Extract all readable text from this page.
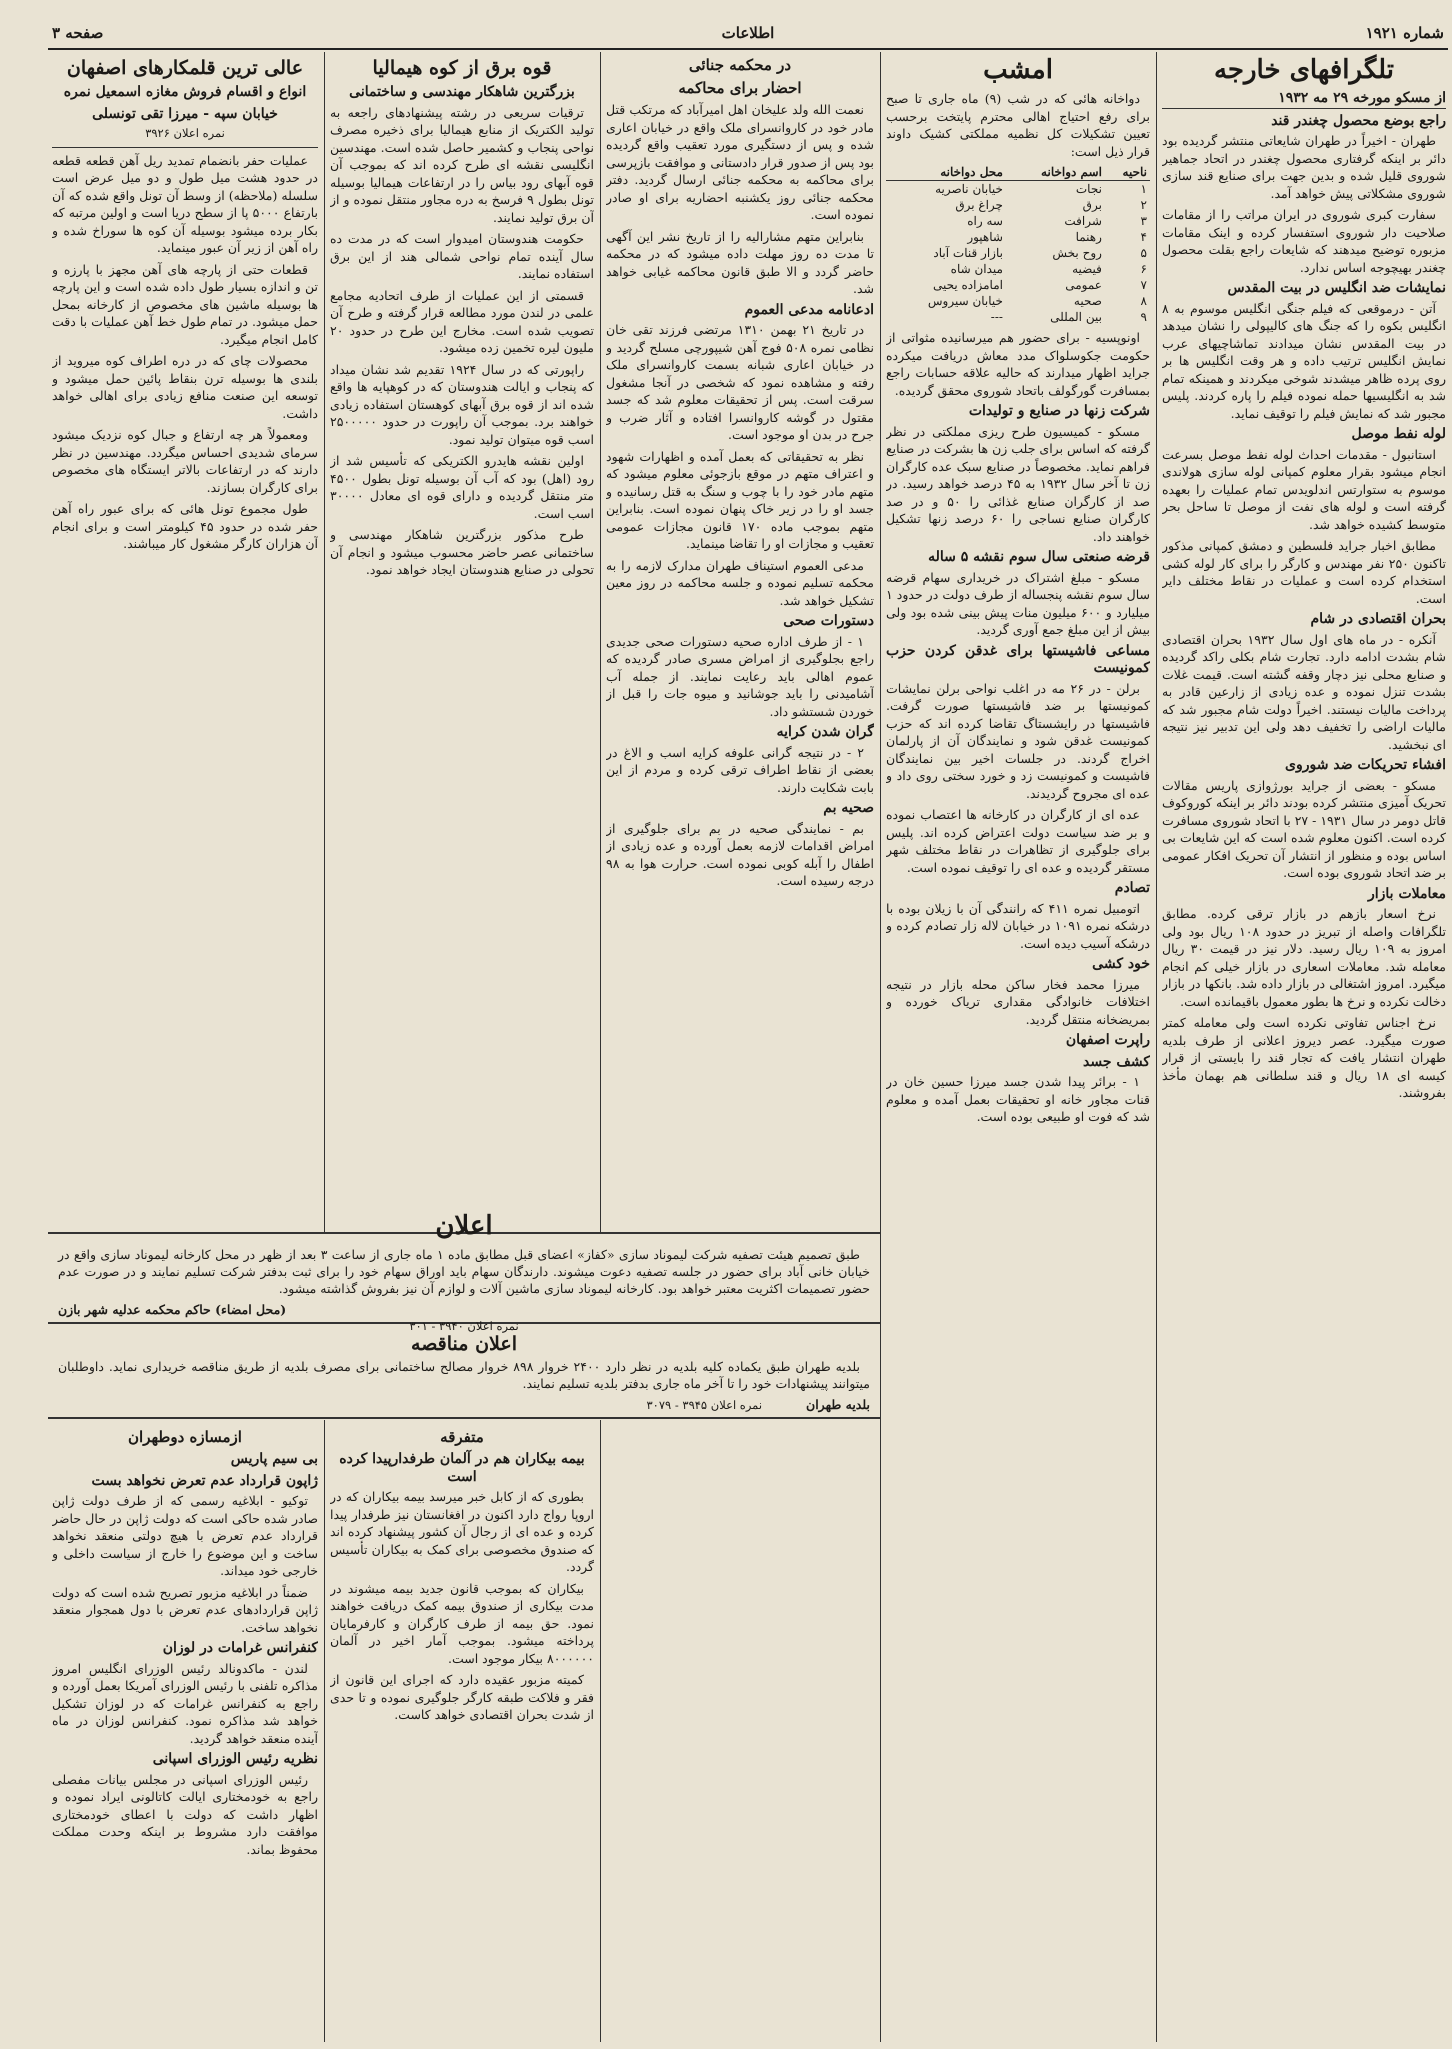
صفحه ۳	اطلاعات	شماره ۱۹۲۱
تلگرافهای خارجه
از مسکو مورخه ۲۹ مه ۱۹۳۲
راجع بوضع محصول چغندر قند

طهران - اخیراً در طهران شایعاتی منتشر گردیده بود دائر بر اینکه گرفتاری محصول چغندر در اتحاد جماهیر شوروی قلیل شده و بدین جهت برای صنایع قند سازی شوروی مشکلاتی پیش خواهد آمد.

سفارت کبری شوروی در ایران مراتب را از مقامات صلاحیت دار شوروی استفسار کرده و اینک مقامات مزبوره توضیح میدهند که شایعات راجع بقلت محصول چغندر بهیچوجه اساس ندارد.

نمایشات ضد انگلیس در بیت المقدس

آتن - درموقعی که فیلم جنگی انگلیس موسوم به ۸ انگلیس بکوه را که جنگ های کالیپولی را نشان میدهد در بیت المقدس نشان میدادند تماشاچیهای عرب نمایش انگلیس ترتیب داده و هر وقت انگلیس ها بر روی پرده ظاهر میشدند شوخی میکردند و همینکه تمام شد به انگلیسیها حمله نموده فیلم را پاره کردند. پلیس مجبور شد که نمایش فیلم را توقیف نماید.

لوله نفط موصل

استانبول - مقدمات احداث لوله نفط موصل بسرعت انجام میشود بقرار معلوم کمپانی لوله سازی هولاندی موسوم به ستوارتس اندلویدس تمام عملیات را بعهده گرفته است و لوله های نفت از موصل تا ساحل بحر متوسط کشیده خواهد شد.

مطابق اخبار جراید فلسطین و دمشق کمپانی مذکور تاکنون ۲۵۰ نفر مهندس و کارگر را برای کار لوله کشی استخدام کرده است و عملیات در نقاط مختلف دایر است.

بحران اقتصادی در شام

آنکره - در ماه های اول سال ۱۹۳۲ بحران اقتصادی شام بشدت ادامه دارد. تجارت شام بکلی راکد گردیده و صنایع محلی نیز دچار وقفه گشته است. قیمت غلات بشدت تنزل نموده و عده زیادی از زارعین قادر به پرداخت مالیات نیستند. اخیراً دولت شام مجبور شد که مالیات اراضی را تخفیف دهد ولی این تدبیر نیز نتیجه ای نبخشید.

افشاء تحریکات ضد شوروی

مسکو - بعضی از جراید بورژوازی پاریس مقالات تحریک آمیزی منتشر کرده بودند دائر بر اینکه کوروکوف قاتل دومر در سال ۱۹۳۱ - ۲۷ با اتحاد شوروی مسافرت کرده است. اکنون معلوم شده است که این شایعات بی اساس بوده و منظور از انتشار آن تحریک افکار عمومی بر ضد اتحاد شوروی بوده است.

معاملات بازار

نرخ اسعار بازهم در بازار ترقی کرده. مطابق تلگرافات واصله از تبریز در حدود ۱۰۸ ریال بود ولی امروز به ۱۰۹ ریال رسید. دلار نیز در قیمت ۳۰ ریال معامله شد. معاملات اسعاری در بازار خیلی کم انجام میگیرد. امروز اشتغالی در بازار داده شد. بانکها در بازار دخالت نکرده و نرخ ها بطور معمول باقیمانده است.

نرخ اجناس تفاوتی نکرده است ولی معامله کمتر صورت میگیرد. عصر دیروز اعلانی از طرف بلدیه طهران انتشار یافت که تجار قند را بایستی از قرار کیسه ای ۱۸ ریال و قند سلطانی هم بهمان مأخذ بفروشند.

امشب

دواخانه هائی که در شب (۹) ماه جاری تا صبح برای رفع احتیاج اهالی محترم پایتخت برحسب تعیین تشکیلات کل نظمیه مملکتی کشیک داوند قرار ذیل است:

ناحیه	اسم دواخانه	محل دواخانه
۱	نجات	خیابان ناصریه
۲	برق	چراغ برق
۳	شرافت	سه راه
۴	رهنما	شاهپور
۵	روح بخش	بازار قنات آباد
۶	فیضیه	میدان شاه
۷	عمومی	امامزاده یحیی
۸	صحیه	خیابان سیروس
۹	بین المللی	---

اونوپسیه - برای حضور هم میرسانیده مثواتی از حکومت جکوسلواک مدد معاش دریافت میکرده جراید اظهار میدارند که حالیه علاقه حسابات راجع بمسافرت گورگولف باتحاد شوروی محقق گردیده.

شرکت زنها در صنایع و تولیدات

مسکو - کمیسیون طرح ریزی مملکتی در نظر گرفته که اساس برای جلب زن ها بشرکت در صنایع فراهم نماید. مخصوصاً در صنایع سبک عده کارگران زن تا آخر سال ۱۹۳۲ به ۴۵ درصد خواهد رسید. در صد از کارگران صنایع غذائی را ۵۰ و در صد کارگران صنایع نساجی را ۶۰ درصد زنها تشکیل خواهند داد.

قرضه صنعتی سال سوم نقشه ۵ ساله

مسکو - مبلغ اشتراک در خریداری سهام قرضه سال سوم نقشه پنجساله از طرف دولت در حدود ۱ میلیارد و ۶۰۰ میلیون منات پیش بینی شده بود ولی بیش از این مبلغ جمع آوری گردید.

مساعی فاشیستها برای غدقن کردن حزب کمونیست

برلن - در ۲۶ مه در اغلب نواحی برلن نمایشات کمونیستها بر ضد فاشیستها صورت گرفت. فاشیستها در رایشستاگ تقاضا کرده اند که حزب کمونیست غدقن شود و نمایندگان آن از پارلمان اخراج گردند. در جلسات اخیر بین نمایندگان فاشیست و کمونیست زد و خورد سختی روی داد و عده ای مجروح گردیدند.

عده ای از کارگران در کارخانه ها اعتصاب نموده و بر ضد سیاست دولت اعتراض کرده اند. پلیس برای جلوگیری از تظاهرات در نقاط مختلف شهر مستقر گردیده و عده ای را توقیف نموده است.

تصادم

اتومبیل نمره ۴۱۱ که رانندگی آن با زیلان بوده با درشکه نمره ۱۰۹۱ در خیابان لاله زار تصادم کرده و درشکه آسیب دیده است.

خود کشی

میرزا محمد فخار ساکن محله بازار در نتیجه اختلافات خانوادگی مقداری تریاک خورده و بمریضخانه منتقل گردید.

راپرت اصفهان
کشف جسد

۱ - برائر پیدا شدن جسد میرزا حسین خان در قنات مجاور خانه او تحقیقات بعمل آمده و معلوم شد که فوت او طبیعی بوده است.

در محکمه جنائی
احضار برای محاکمه

نعمت الله ولد علیخان اهل امیرآباد که مرتکب قتل مادر خود در کاروانسرای ملک واقع در خیابان اعاری شده و پس از دستگیری مورد تعقیب واقع گردیده بود پس از صدور قرار دادستانی و موافقت بازپرسی برای محاکمه به محکمه جنائی ارسال گردید. دفتر محکمه جنائی روز یکشنبه احضاریه برای او صادر نموده است.

بنابراین متهم مشارالیه را از تاریخ نشر این آگهی تا مدت ده روز مهلت داده میشود که در محکمه حاضر گردد و الا طبق قانون محاکمه غیابی خواهد شد.

ادعانامه مدعی العموم

در تاریخ ۲۱ بهمن ۱۳۱۰ مرتضی فرزند تقی خان نظامی نمره ۵۰۸ فوج آهن شیپورچی مسلح گردید و در خیابان اعاری شبانه بسمت کاروانسرای ملک رفته و مشاهده نمود که شخصی در آنجا مشغول سرقت است. پس از تحقیقات معلوم شد که جسد مقتول در گوشه کاروانسرا افتاده و آثار ضرب و جرح در بدن او موجود است.

نظر به تحقیقاتی که بعمل آمده و اظهارات شهود و اعتراف متهم در موقع بازجوئی معلوم میشود که متهم مادر خود را با چوب و سنگ به قتل رسانیده و جسد او را در زیر خاک پنهان نموده است. بنابراین متهم بموجب ماده ۱۷۰ قانون مجازات عمومی تعقیب و مجازات او را تقاضا مینماید.

مدعی العموم استیناف طهران مدارک لازمه را به محکمه تسلیم نموده و جلسه محاکمه در روز معین تشکیل خواهد شد.

دستورات صحی

۱ - از طرف اداره صحیه دستورات صحی جدیدی راجع بجلوگیری از امراض مسری صادر گردیده که عموم اهالی باید رعایت نمایند. از جمله آب آشامیدنی را باید جوشانید و میوه جات را قبل از خوردن شستشو داد.

گران شدن کرایه

۲ - در نتیجه گرانی علوفه کرایه اسب و الاغ در بعضی از نقاط اطراف ترقی کرده و مردم از این بابت شکایت دارند.

صحیه بم

بم - نمایندگی صحیه در بم برای جلوگیری از امراض اقدامات لازمه بعمل آورده و عده زیادی از اطفال را آبله کوبی نموده است. حرارت هوا به ۹۸ درجه رسیده است.

قوه برق از کوه هیمالیا
بزرگترین شاهکار مهندسی و ساختمانی

ترقیات سریعی در رشته پیشنهادهای راجعه به تولید الکتریک از منابع هیمالیا برای ذخیره مصرف نواحی پنجاب و کشمیر حاصل شده است. مهندسین انگلیسی نقشه ای طرح کرده اند که بموجب آن قوه آبهای رود بیاس را در ارتفاعات هیمالیا بوسیله تونل بطول ۹ فرسخ به دره مجاور منتقل نموده و از آن برق تولید نمایند.

حکومت هندوستان امیدوار است که در مدت ده سال آینده تمام نواحی شمالی هند از این برق استفاده نمایند.

قسمتی از این عملیات از طرف اتحادیه مجامع علمی در لندن مورد مطالعه قرار گرفته و طرح آن تصویب شده است. مخارج این طرح در حدود ۲۰ ملیون لیره تخمین زده میشود.

راپورتی که در سال ۱۹۲۴ تقدیم شد نشان میداد که پنجاب و ایالت هندوستان که در کوهپایه ها واقع شده اند از قوه برق آبهای کوهستان استفاده زیادی خواهند برد. بموجب آن راپورت در حدود ۲۵۰۰۰۰۰ اسب قوه میتوان تولید نمود.

اولین نقشه هایدرو الکتریکی که تأسیس شد از رود (اهل) بود که آب آن بوسیله تونل بطول ۴۵۰۰ متر منتقل گردیده و دارای قوه ای معادل ۳۰۰۰۰ اسب است.

طرح مذکور بزرگترین شاهکار مهندسی و ساختمانی عصر حاضر محسوب میشود و انجام آن تحولی در صنایع هندوستان ایجاد خواهد نمود.

عالی ترین قلمکارهای اصفهان
انواع و اقسام فروش مغازه اسمعیل نمره
خیابان سپه - میرزا تقی تونسلی
نمره اعلان ۳۹۲۶

عملیات حفر بانضمام تمدید ریل آهن قطعه قطعه در حدود هشت میل طول و دو میل عرض است سلسله (ملاحظه) از وسط آن تونل واقع شده که آن بارتفاع ۵۰۰۰ پا از سطح دریا است و اولین مرتبه که بکار برده میشود بوسیله آن کوه ها سوراخ شده و راه آهن از زیر آن عبور مینماید.

قطعات حتی از پارچه های آهن مجهز با پارزه و تن و اندازه بسیار طول داده شده است و این پارچه ها بوسیله ماشین های مخصوص از کارخانه بمحل حمل میشود. در تمام طول خط آهن عملیات با دقت کامل انجام میگیرد.

محصولات چای که در دره اطراف کوه میروید از بلندی ها بوسیله ترن بنقاط پائین حمل میشود و توسعه این صنعت منافع زیادی برای اهالی خواهد داشت.

ومعمولاً هر چه ارتفاع و جبال کوه نزدیک میشود سرمای شدیدی احساس میگردد. مهندسین در نظر دارند که در ارتفاعات بالاتر ایستگاه های مخصوص برای کارگران بسازند.

طول مجموع تونل هائی که برای عبور راه آهن حفر شده در حدود ۴۵ کیلومتر است و برای انجام آن هزاران کارگر مشغول کار میباشند.

اعلان

طبق تصمیم هیئت تصفیه شرکت لیموناد سازی «کفاز» اعضای قبل مطابق ماده ۱ ماه جاری از ساعت ۳ بعد از ظهر در محل کارخانه لیموناد سازی واقع در خیابان خانی آباد برای حضور در جلسه تصفیه دعوت میشوند. دارندگان سهام باید اوراق سهام خود را برای ثبت بدفتر شرکت تسلیم نمایند و در صورت عدم حضور تصمیمات اکثریت معتبر خواهد بود. کارخانه لیموناد سازی ماشین آلات و لوازم آن نیز بفروش گذاشته میشود.

(محل امضاء) حاکم محکمه عدلیه شهر بازن
نمره اعلان ۳۹۴۰ - ۳۰۱
اعلان مناقصه

بلدیه طهران طبق یکماده کلیه بلدیه در نظر دارد ۲۴۰۰ خروار ۸۹۸ خروار مصالح ساختمانی برای مصرف بلدیه از طریق مناقصه خریداری نماید. داوطلبان میتوانند پیشنهادات خود را تا آخر ماه جاری بدفتر بلدیه تسلیم نمایند.

بلدیه طهران نمره اعلان ۳۹۴۵ - ۳۰۷۹
ازمسازه دوطهران
بی سیم پاریس
ژاپون قرارداد عدم تعرض نخواهد بست

توکیو - ابلاغیه رسمی که از طرف دولت ژاپن صادر شده حاکی است که دولت ژاپن در حال حاضر قرارداد عدم تعرض با هیچ دولتی منعقد نخواهد ساخت و این موضوع را خارج از سیاست داخلی و خارجی خود میداند.

ضمناً در ابلاغیه مزبور تصریح شده است که دولت ژاپن قراردادهای عدم تعرض با دول همجوار منعقد نخواهد ساخت.

کنفرانس غرامات در لوزان

لندن - ماکدونالد رئیس الوزرای انگلیس امروز مذاکره تلفنی با رئیس الوزرای آمریکا بعمل آورده و راجع به کنفرانس غرامات که در لوزان تشکیل خواهد شد مذاکره نمود. کنفرانس لوزان در ماه آینده منعقد خواهد گردید.

نظریه رئیس الوزرای اسپانی

رئیس الوزرای اسپانی در مجلس بیانات مفصلی راجع به خودمختاری ایالت کاتالونی ایراد نموده و اظهار داشت که دولت با اعطای خودمختاری موافقت دارد مشروط بر اینکه وحدت مملکت محفوظ بماند.

متفرقه
بیمه بیکاران هم در آلمان طرفدارپیدا کرده است

بطوری که از کابل خبر میرسد بیمه بیکاران که در اروپا رواج دارد اکنون در افغانستان نیز طرفدار پیدا کرده و عده ای از رجال آن کشور پیشنهاد کرده اند که صندوق مخصوصی برای کمک به بیکاران تأسیس گردد.

بیکاران که بموجب قانون جدید بیمه میشوند در مدت بیکاری از صندوق بیمه کمک دریافت خواهند نمود. حق بیمه از طرف کارگران و کارفرمایان پرداخته میشود. بموجب آمار اخیر در آلمان ۸۰۰۰۰۰۰ بیکار موجود است.

کمیته مزبور عقیده دارد که اجرای این قانون از فقر و فلاکت طبقه کارگر جلوگیری نموده و تا حدی از شدت بحران اقتصادی خواهد کاست.
